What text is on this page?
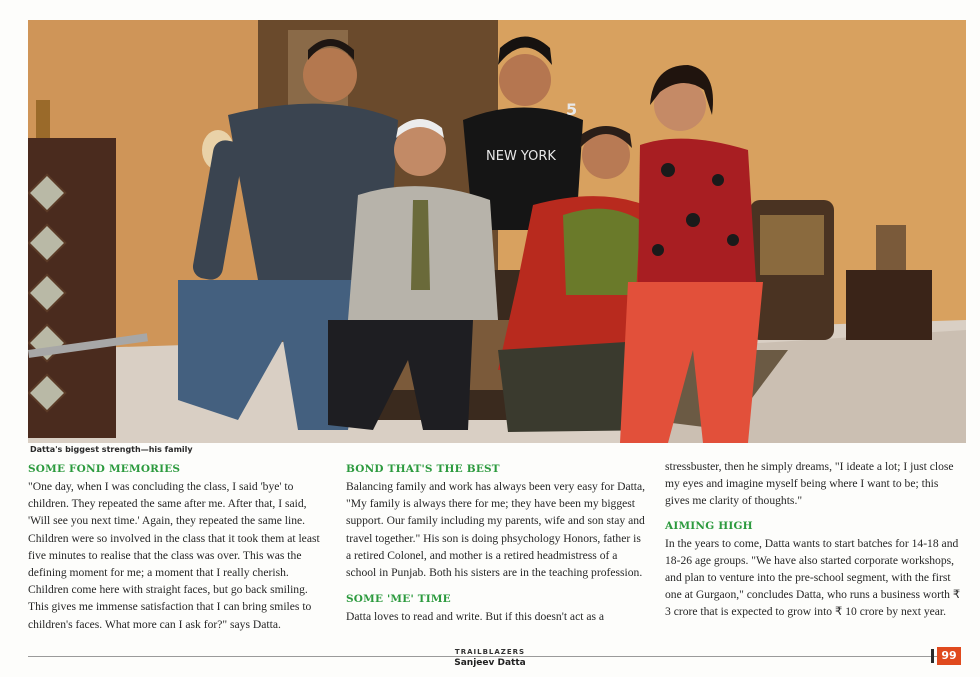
NEW YORK
5
Datta's biggest strength—his family
SOME FOND MEMORIES

"One day, when I was concluding the class, I said 'bye' to children. They repeated the same after me. After that, I said, 'Will see you next time.' Again, they repeated the same line. Children were so involved in the class that it took them at least five minutes to realise that the class was over. This was the defining moment for me; a moment that I really cherish. Children come here with straight faces, but go back smiling. This gives me immense satisfaction that I can bring smiles to children's faces. What more can I ask for?" says Datta.

BOND THAT'S THE BEST

Balancing family and work has always been very easy for Datta, "My family is always there for me; they have been my biggest support. Our family including my parents, wife and son stay and travel together." His son is doing phsychology Honors, father is a retired Colonel, and mother is a retired headmistress of a school in Punjab. Both his sisters are in the teaching profession.

SOME 'ME' TIME

Datta loves to read and write. But if this doesn't act as a

stressbuster, then he simply dreams, "I ideate a lot; I just close my eyes and imagine myself being where I want to be; this gives me clarity of thoughts."

AIMING HIGH

In the years to come, Datta wants to start batches for 14-18 and 18-26 age groups. "We have also started corporate workshops, and plan to venture into the pre-school segment, with the first one at Gurgaon," concludes Datta, who runs a business worth ₹ 3 crore that is expected to grow into ₹ 10 crore by next year.

TRAILBLAZERS
Sanjeev Datta
99
